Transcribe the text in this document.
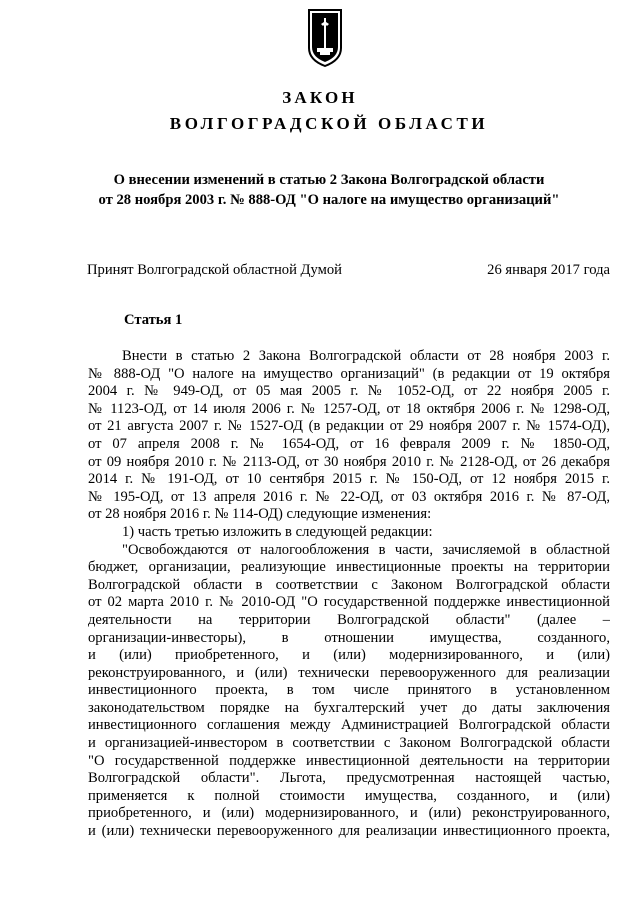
ЗАКОН
ВОЛГОГРАДСКОЙ ОБЛАСТИ
О внесении изменений в статью 2 Закона Волгоградской области
от 28 ноября 2003 г. № 888-ОД "О налоге на имущество организаций"
Принят Волгоградской областной Думой	26 января 2017 года
Статья 1
Внести в статью 2 Закона Волгоградской области от 28 ноября 2003 г.
№ 888-ОД "О налоге на имущество организаций" (в редакции от 19 октября
2004 г. № 949-ОД, от 05 мая 2005 г. № 1052-ОД, от 22 ноября 2005 г.
№ 1123-ОД, от 14 июля 2006 г. № 1257-ОД, от 18 октября 2006 г. № 1298-ОД,
от 21 августа 2007 г. № 1527-ОД (в редакции от 29 ноября 2007 г. № 1574-ОД),
от 07 апреля 2008 г. № 1654-ОД, от 16 февраля 2009 г. № 1850-ОД,
от 09 ноября 2010 г. № 2113-ОД, от 30 ноября 2010 г. № 2128-ОД, от 26 декабря
2014 г. № 191-ОД, от 10 сентября 2015 г. № 150-ОД, от 12 ноября 2015 г.
№ 195-ОД, от 13 апреля 2016 г. № 22-ОД, от 03 октября 2016 г. № 87-ОД,
от 28 ноября 2016 г. № 114-ОД) следующие изменения:
1) часть третью изложить в следующей редакции:
"Освобождаются от налогообложения в части, зачисляемой в областной
бюджет, организации, реализующие инвестиционные проекты на территории
Волгоградской области в соответствии с Законом Волгоградской области
от 02 марта 2010 г. № 2010-ОД "О государственной поддержке инвестиционной
деятельности на территории Волгоградской области" (далее –
организации-инвесторы), в отношении имущества, созданного,
и (или) приобретенного, и (или) модернизированного, и (или)
реконструированного, и (или) технически перевооруженного для реализации
инвестиционного проекта, в том числе принятого в установленном
законодательством порядке на бухгалтерский учет до даты заключения
инвестиционного соглашения между Администрацией Волгоградской области
и организацией-инвестором в соответствии с Законом Волгоградской области
"О государственной поддержке инвестиционной деятельности на территории
Волгоградской области". Льгота, предусмотренная настоящей частью,
применяется к полной стоимости имущества, созданного, и (или)
приобретенного, и (или) модернизированного, и (или) реконструированного,
и (или) технически перевооруженного для реализации инвестиционного проекта,
